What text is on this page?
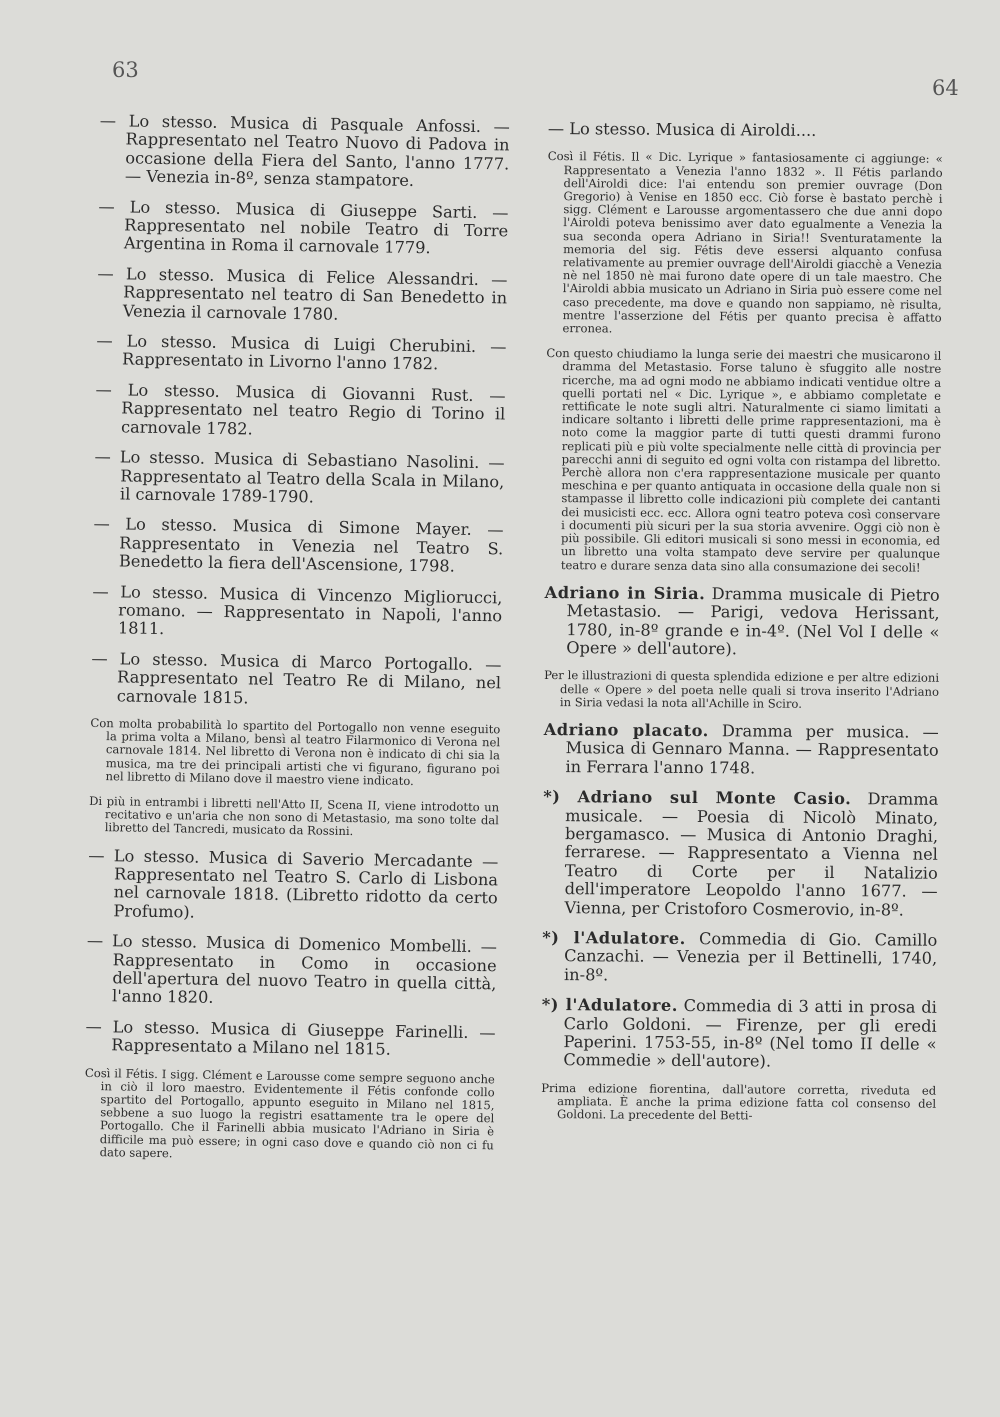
63
64
— Lo stesso. Musica di Pasquale Anfossi. — Rappresentato nel Teatro Nuovo di Padova in occasione della Fiera del Santo, l'anno 1777. — Venezia in-8º, senza stampatore.
— Lo stesso. Musica di Giuseppe Sarti. — Rappresentato nel nobile Teatro di Torre Argentina in Roma il carnovale 1779.
— Lo stesso. Musica di Felice Alessandri. — Rappresentato nel teatro di San Benedetto in Venezia il carnovale 1780.
— Lo stesso. Musica di Luigi Cherubini. — Rappresentato in Livorno l'anno 1782.
— Lo stesso. Musica di Giovanni Rust. — Rappresentato nel teatro Regio di Torino il carnovale 1782.
— Lo stesso. Musica di Sebastiano Nasolini. — Rappresentato al Teatro della Scala in Milano, il carnovale 1789-1790.
— Lo stesso. Musica di Simone Mayer. — Rappresentato in Venezia nel Teatro S. Benedetto la fiera dell'Ascensione, 1798.
— Lo stesso. Musica di Vincenzo Migliorucci, romano. — Rappresentato in Napoli, l'anno 1811.
— Lo stesso. Musica di Marco Portogallo. — Rappresentato nel Teatro Re di Milano, nel carnovale 1815.
Con molta probabilità lo spartito del Portogallo non venne eseguito la prima volta a Milano, bensì al teatro Filarmonico di Verona nel carnovale 1814. Nel libretto di Verona non è indicato di chi sia la musica, ma tre dei principali artisti che vi figurano, figurano poi nel libretto di Milano dove il maestro viene indicato.
Di più in entrambi i libretti nell'Atto II, Scena II, viene introdotto un recitativo e un'aria che non sono di Metastasio, ma sono tolte dal libretto del Tancredi, musicato da Rossini.
— Lo stesso. Musica di Saverio Mercadante — Rappresentato nel Teatro S. Carlo di Lisbona nel carnovale 1818. (Libretto ridotto da certo Profumo).
— Lo stesso. Musica di Domenico Mombelli. — Rappresentato in Como in occasione dell'apertura del nuovo Teatro in quella città, l'anno 1820.
— Lo stesso. Musica di Giuseppe Farinelli. — Rappresentato a Milano nel 1815.
Così il Fétis. I sigg. Clément e Larousse come sempre seguono anche in ciò il loro maestro. Evidentemente il Fétis confonde collo spartito del Portogallo, appunto eseguito in Milano nel 1815, sebbene a suo luogo la registri esattamente tra le opere del Portogallo. Che il Farinelli abbia musicato l'Adriano in Siria è difficile ma può essere; in ogni caso dove e quando ciò non ci fu dato sapere.
— Lo stesso. Musica di Airoldi....
Così il Fétis. Il « Dic. Lyrique » fantasiosamente ci aggiunge: « Rappresentato a Venezia l'anno 1832 ». Il Fétis parlando dell'Airoldi dice: l'ai entendu son premier ouvrage (Don Gregorio) à Venise en 1850 ecc. Ciò forse è bastato perchè i sigg. Clément e Larousse argomentassero che due anni dopo l'Airoldi poteva benissimo aver dato egualmente a Venezia la sua seconda opera Adriano in Siria!! Sventuratamente la memoria del sig. Fétis deve essersi alquanto confusa relativamente au premier ouvrage dell'Airoldi giacchè a Venezia nè nel 1850 nè mai furono date opere di un tale maestro. Che l'Airoldi abbia musicato un Adriano in Siria può essere come nel caso precedente, ma dove e quando non sappiamo, nè risulta, mentre l'asserzione del Fétis per quanto precisa è affatto erronea.
Con questo chiudiamo la lunga serie dei maestri che musicarono il dramma del Metastasio. Forse taluno è sfuggito alle nostre ricerche, ma ad ogni modo ne abbiamo indicati ventidue oltre a quelli portati nel « Dic. Lyrique », e abbiamo completate e rettificate le note sugli altri. Naturalmente ci siamo limitati a indicare soltanto i libretti delle prime rappresentazioni, ma è noto come la maggior parte di tutti questi drammi furono replicati più e più volte specialmente nelle città di provincia per parecchi anni di seguito ed ogni volta con ristampa del libretto. Perchè allora non c'era rappresentazione musicale per quanto meschina e per quanto antiquata in occasione della quale non si stampasse il libretto colle indicazioni più complete dei cantanti dei musicisti ecc. ecc. Allora ogni teatro poteva così conservare i documenti più sicuri per la sua storia avvenire. Oggi ciò non è più possibile. Gli editori musicali si sono messi in economia, ed un libretto una volta stampato deve servire per qualunque teatro e durare senza data sino alla consumazione dei secoli!
Adriano in Siria. Dramma musicale di Pietro Metastasio. — Parigi, vedova Herissant, 1780, in-8º grande e in-4º. (Nel Vol I delle « Opere » dell'autore).
Per le illustrazioni di questa splendida edizione e per altre edizioni delle « Opere » del poeta nelle quali si trova inserito l'Adriano in Siria vedasi la nota all'Achille in Sciro.
Adriano placato. Dramma per musica. — Musica di Gennaro Manna. — Rappresentato in Ferrara l'anno 1748.
*) Adriano sul Monte Casio. Dramma musicale. — Poesia di Nicolò Minato, bergamasco. — Musica di Antonio Draghi, ferrarese. — Rappresentato a Vienna nel Teatro di Corte per il Natalizio dell'imperatore Leopoldo l'anno 1677. — Vienna, per Cristoforo Cosmerovio, in-8º.
*) l'Adulatore. Commedia di Gio. Camillo Canzachi. — Venezia per il Bettinelli, 1740, in-8º.
*) l'Adulatore. Commedia di 3 atti in prosa di Carlo Goldoni. — Firenze, per gli eredi Paperini. 1753-55, in-8º (Nel tomo II delle « Commedie » dell'autore).
Prima edizione fiorentina, dall'autore corretta, riveduta ed ampliata. È anche la prima edizione fatta col consenso del Goldoni. La precedente del Betti-
